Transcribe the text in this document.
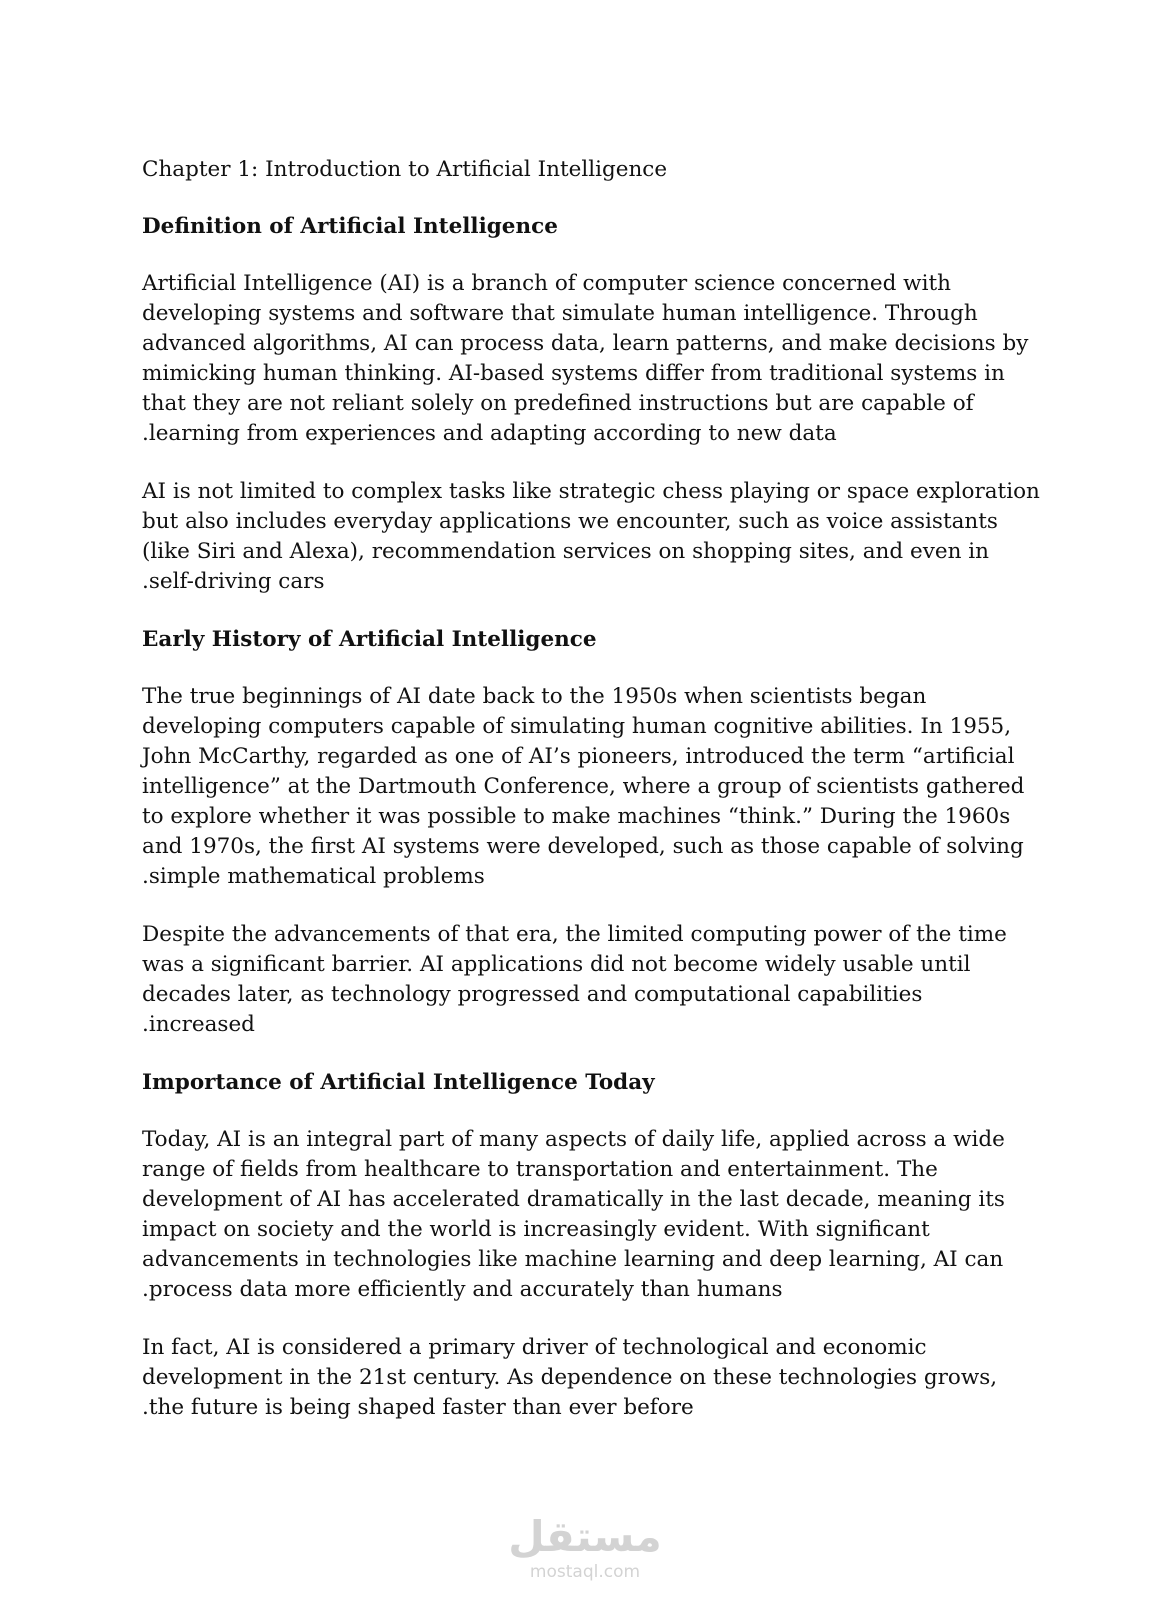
Chapter 1: Introduction to Artificial Intelligence
Definition of Artificial Intelligence
Artificial Intelligence (AI) is a branch of computer science concerned with
developing systems and software that simulate human intelligence. Through
advanced algorithms, AI can process data, learn patterns, and make decisions by
mimicking human thinking. AI-based systems differ from traditional systems in
that they are not reliant solely on predefined instructions but are capable of
.learning from experiences and adapting according to new data
AI is not limited to complex tasks like strategic chess playing or space exploration
but also includes everyday applications we encounter, such as voice assistants
(like Siri and Alexa), recommendation services on shopping sites, and even in
.self-driving cars
Early History of Artificial Intelligence
The true beginnings of AI date back to the 1950s when scientists began
developing computers capable of simulating human cognitive abilities. In 1955,
John McCarthy, regarded as one of AI’s pioneers, introduced the term “artificial
intelligence” at the Dartmouth Conference, where a group of scientists gathered
to explore whether it was possible to make machines “think.” During the 1960s
and 1970s, the first AI systems were developed, such as those capable of solving
.simple mathematical problems
Despite the advancements of that era, the limited computing power of the time
was a significant barrier. AI applications did not become widely usable until
decades later, as technology progressed and computational capabilities
.increased
Importance of Artificial Intelligence Today
Today, AI is an integral part of many aspects of daily life, applied across a wide
range of fields from healthcare to transportation and entertainment. The
development of AI has accelerated dramatically in the last decade, meaning its
impact on society and the world is increasingly evident. With significant
advancements in technologies like machine learning and deep learning, AI can
.process data more efficiently and accurately than humans
In fact, AI is considered a primary driver of technological and economic
development in the 21st century. As dependence on these technologies grows,
.the future is being shaped faster than ever before
مستقل
mostaql.com
